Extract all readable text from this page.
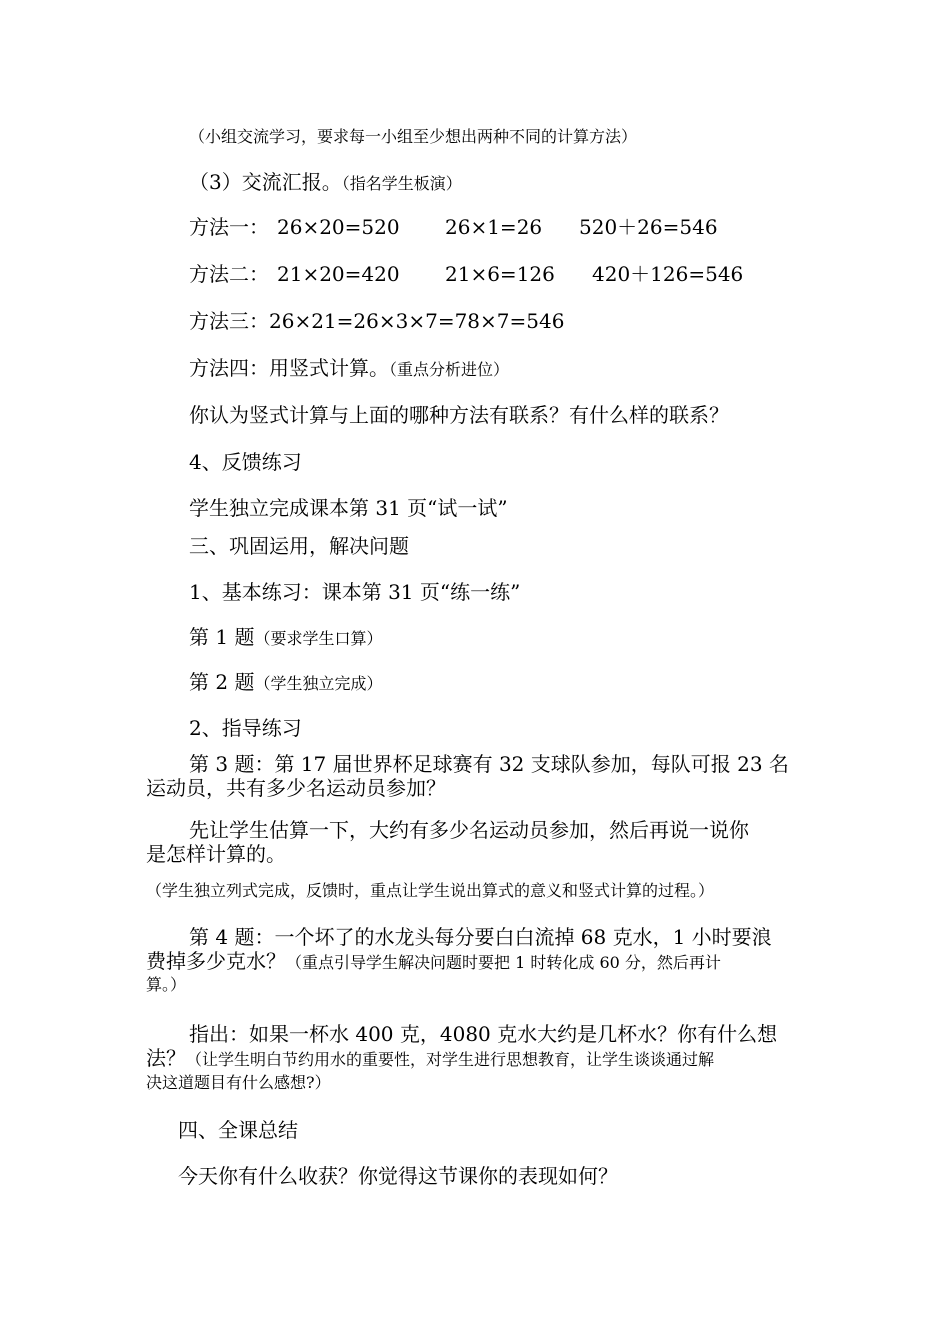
（小组交流学习，要求每一小组至少想出两种不同的计算方法）
（3）交流汇报。（指名学生板演）
方法一： 26×20=520 26×1=26 520＋26=546
方法二： 21×20=420 21×6=126 420＋126=546
方法三：26×21=26×3×7=78×7=546
方法四：用竖式计算。（重点分析进位）
你认为竖式计算与上面的哪种方法有联系？有什么样的联系？
4、反馈练习
学生独立完成课本第 31 页“试一试”
三、巩固运用，解决问题
1、基本练习：课本第 31 页“练一练”
第 1 题（要求学生口算）
第 2 题（学生独立完成）
2、指导练习
第 3 题：第 17 届世界杯足球赛有 32 支球队参加，每队可报 23 名
运动员，共有多少名运动员参加？
先让学生估算一下，大约有多少名运动员参加，然后再说一说你
是怎样计算的。
（学生独立列式完成，反馈时，重点让学生说出算式的意义和竖式计算的过程。）
第 4 题：一个坏了的水龙头每分要白白流掉 68 克水，1 小时要浪
费掉多少克水？（重点引导学生解决问题时要把 1 时转化成 60 分，然后再计
算。）
指出：如果一杯水 400 克，4080 克水大约是几杯水？你有什么想
法？（让学生明白节约用水的重要性，对学生进行思想教育，让学生谈谈通过解
决这道题目有什么感想?）
四、全课总结
今天你有什么收获？你觉得这节课你的表现如何？
